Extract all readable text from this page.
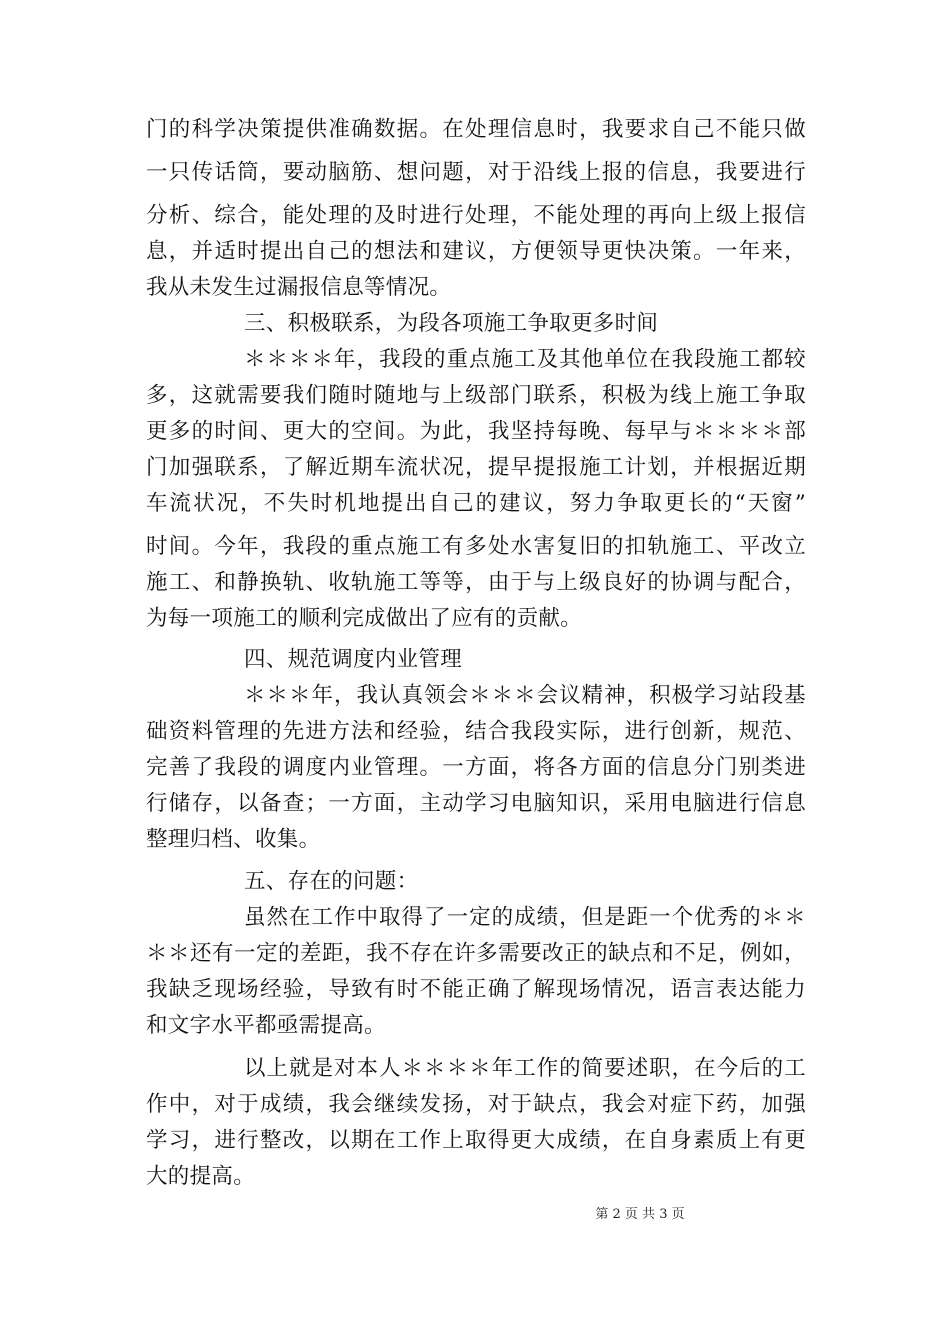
门的科学决策提供准确数据。在处理信息时，我要求自己不能只做
一只传话筒，要动脑筋、想问题，对于沿线上报的信息，我要进行
分析、综合，能处理的及时进行处理，不能处理的再向上级上报信
息，并适时提出自己的想法和建议，方便领导更快决策。一年来，
我从未发生过漏报信息等情况。
三、积极联系，为段各项施工争取更多时间
＊＊＊＊年，我段的重点施工及其他单位在我段施工都较
多，这就需要我们随时随地与上级部门联系，积极为线上施工争取
更多的时间、更大的空间。为此，我坚持每晚、每早与＊＊＊＊部
门加强联系，了解近期车流状况，提早提报施工计划，并根据近期
车流状况，不失时机地提出自己的建议，努力争取更长的“天窗”
时间。今年，我段的重点施工有多处水害复旧的扣轨施工、平改立
施工、和静换轨、收轨施工等等，由于与上级良好的协调与配合，
为每一项施工的顺利完成做出了应有的贡献。
四、规范调度内业管理
＊＊＊年，我认真领会＊＊＊会议精神，积极学习站段基
础资料管理的先进方法和经验，结合我段实际，进行创新，规范、
完善了我段的调度内业管理。一方面，将各方面的信息分门别类进
行储存，以备查；一方面，主动学习电脑知识，采用电脑进行信息
整理归档、收集。
五、存在的问题：
虽然在工作中取得了一定的成绩，但是距一个优秀的＊＊
＊＊还有一定的差距，我不存在许多需要改正的缺点和不足，例如，
我缺乏现场经验，导致有时不能正确了解现场情况，语言表达能力
和文字水平都亟需提高。
以上就是对本人＊＊＊＊年工作的简要述职，在今后的工
作中，对于成绩，我会继续发扬，对于缺点，我会对症下药，加强
学习，进行整改，以期在工作上取得更大成绩，在自身素质上有更
大的提高。
第 2 页 共 3 页
